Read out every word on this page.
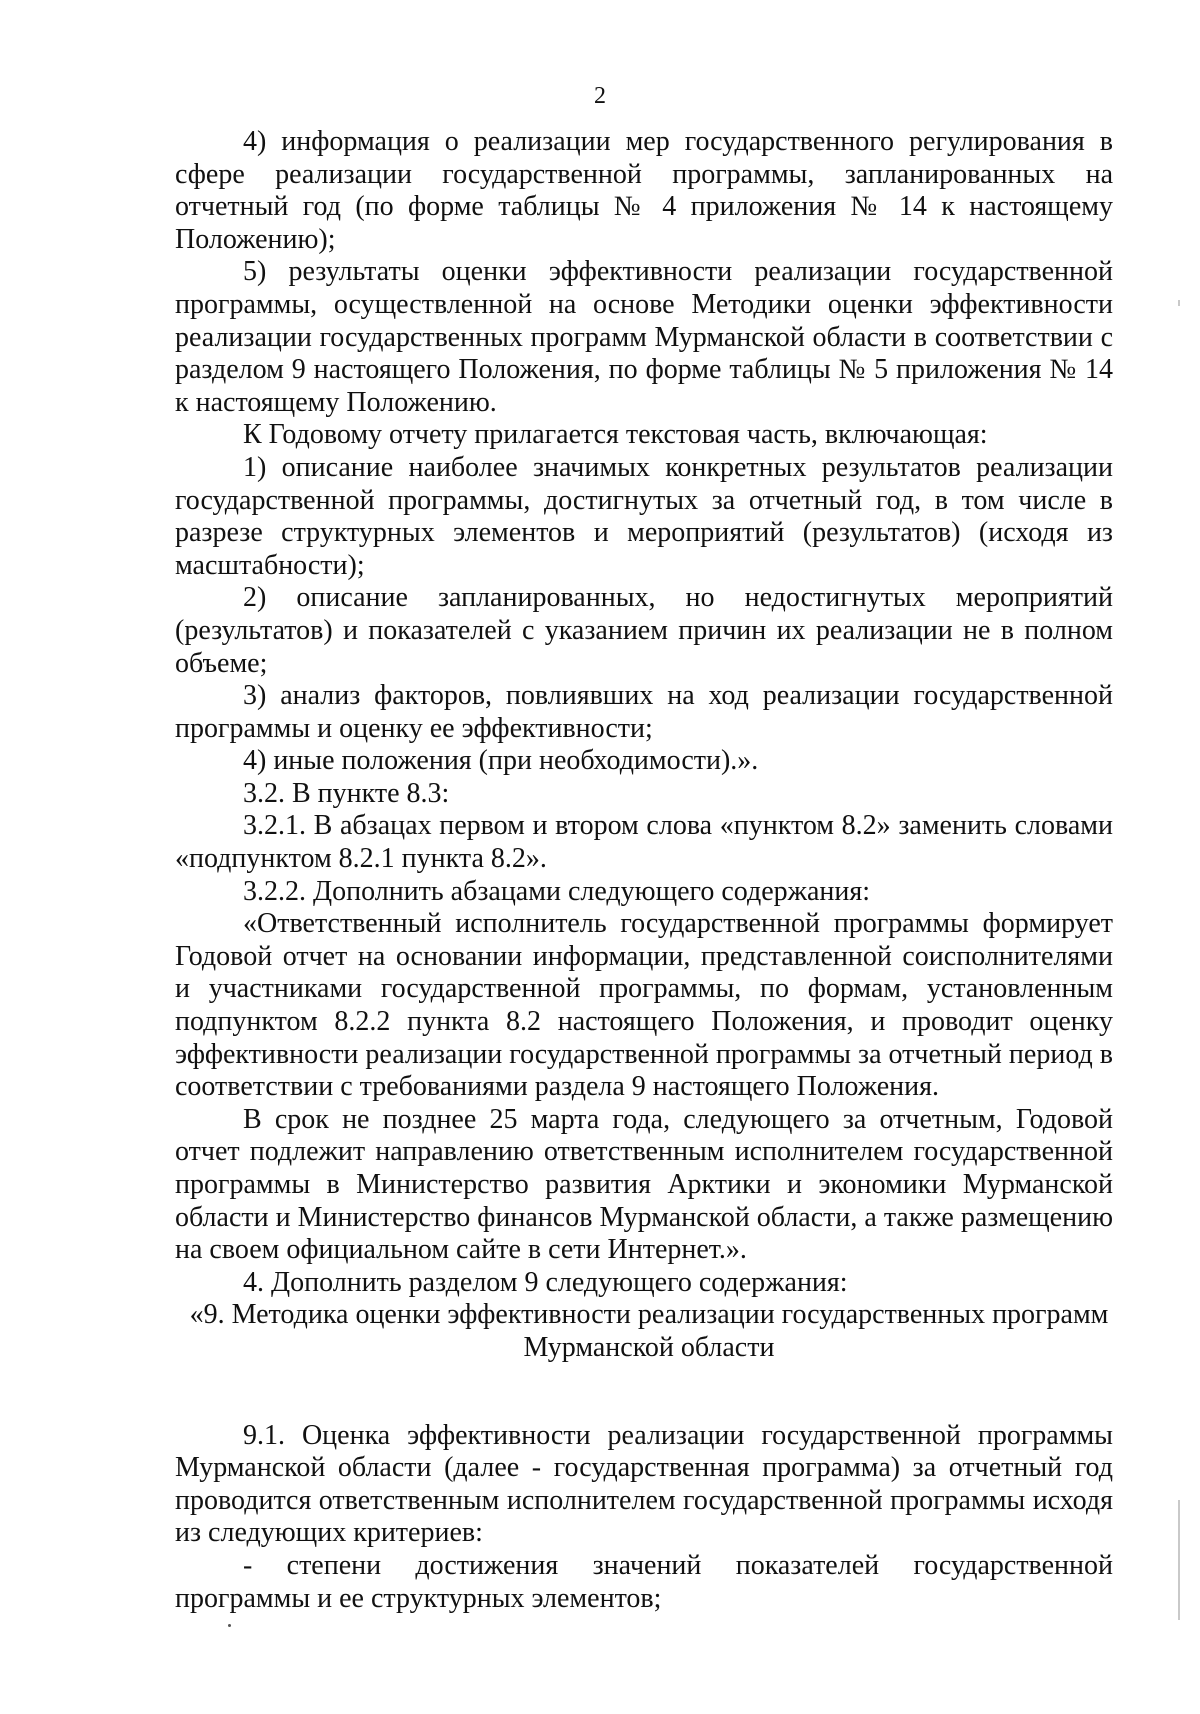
2

4) информация о реализации мер государственного регулирования в сфере реализации государственной программы, запланированных на отчетный год (по форме таблицы № 4 приложения № 14 к настоящему Положению);

5) результаты оценки эффективности реализации государственной программы, осуществленной на основе Методики оценки эффективности реализации государственных программ Мурманской области в соответствии с разделом 9 настоящего Положения, по форме таблицы № 5 приложения № 14 к настоящему Положению.

К Годовому отчету прилагается текстовая часть, включающая:

1) описание наиболее значимых конкретных результатов реализации государственной программы, достигнутых за отчетный год, в том числе в разрезе структурных элементов и мероприятий (результатов) (исходя из масштабности);

2) описание запланированных, но недостигнутых мероприятий (результатов) и показателей с указанием причин их реализации не в полном объеме;

3) анализ факторов, повлиявших на ход реализации государственной программы и оценку ее эффективности;

4) иные положения (при необходимости).».

3.2. В пункте 8.3:

3.2.1. В абзацах первом и втором слова «пунктом 8.2» заменить словами «подпунктом 8.2.1 пункта 8.2».

3.2.2. Дополнить абзацами следующего содержания:

«Ответственный исполнитель государственной программы формирует Годовой отчет на основании информации, представленной соисполнителями и участниками государственной программы, по формам, установленным подпунктом 8.2.2 пункта 8.2 настоящего Положения, и проводит оценку эффективности реализации государственной программы за отчетный период в соответствии с требованиями раздела 9 настоящего Положения.

В срок не позднее 25 марта года, следующего за отчетным, Годовой отчет подлежит направлению ответственным исполнителем государственной программы в Министерство развития Арктики и экономики Мурманской области и Министерство финансов Мурманской области, а также размещению на своем официальном сайте в сети Интернет.».

4. Дополнить разделом 9 следующего содержания:

«9. Методика оценки эффективности реализации государственных программ

Мурманской области

9.1. Оценка эффективности реализации государственной программы Мурманской области (далее - государственная программа) за отчетный год проводится ответственным исполнителем государственной программы исходя из следующих критериев:

- степени достижения значений показателей государственной программы и ее структурных элементов;
